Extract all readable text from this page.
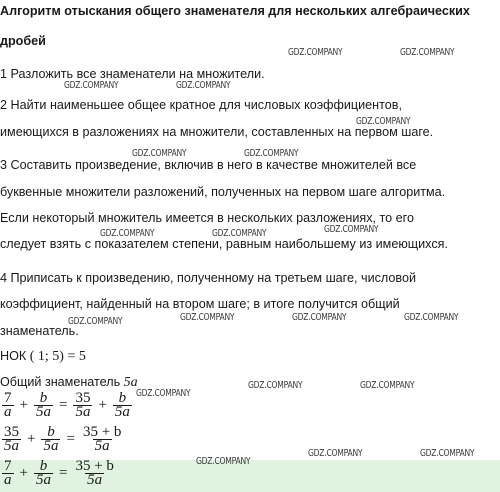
Алгоритм отыскания общего знаменателя для нескольких алгебраических
дробей
1 Разложить все знаменатели на множители.
2 Найти наименьшее общее кратное для числовых коэффициентов,
имеющихся в разложениях на множители, составленных на первом шаге.
3 Составить произведение, включив в него в качестве множителей все
буквенные множители разложений, полученных на первом шаге алгоритма.
Если некоторый множитель имеется в нескольких разложениях, то его
следует взять с показателем степени, равным наибольшему из имеющихся.
4 Приписать к произведению, полученному на третьем шаге, числовой
коэффициент, найденный на втором шаге; в итоге получится общий
знаменатель.
НОК ( 1; 5) = 5
Общий знаменатель 5a
$\frac{7}{a} + \frac{b}{5a} = \frac{35}{5a} + \frac{b}{5a}$
$\frac{35}{5a} + \frac{b}{5a} = \frac{35 + b}{5a}$
$\frac{7}{a} + \frac{b}{5a} = \frac{35 + b}{5a}$
GDZ.COMPANY	GDZ.COMPANY
GDZ.COMPANY	GDZ.COMPANY
GDZ.COMPANY
GDZ.COMPANY	GDZ.COMPANY
GDZ.COMPANY
GDZ.COMPANY	GDZ.COMPANY
GDZ.COMPANY	GDZ.COMPANY	GDZ.COMPANY
GDZ.COMPANY
GDZ.COMPANY	GDZ.COMPANY
GDZ.COMPANY
GDZ.COMPANY	GDZ.COMPANY
GDZ.COMPANY
